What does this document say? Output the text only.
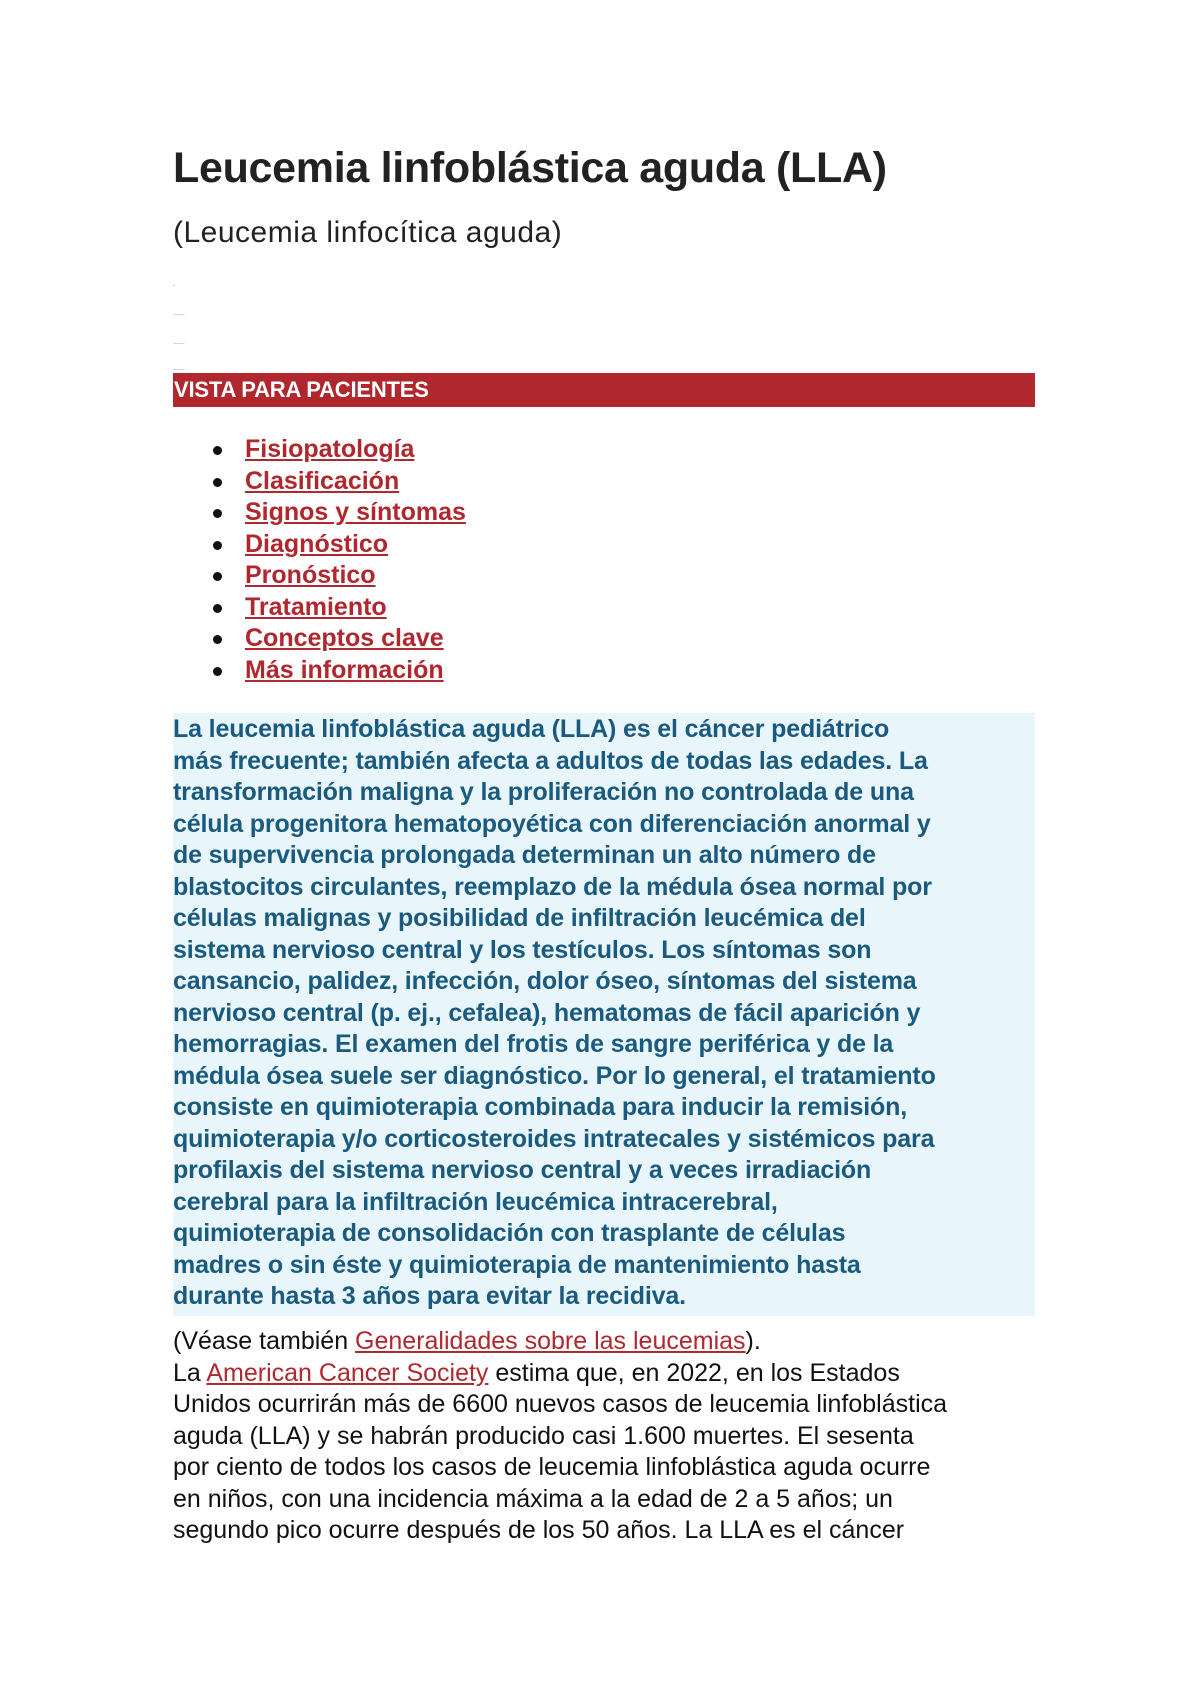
Leucemia linfoblástica aguda (LLA)
(Leucemia linfocítica aguda)
.
……
……
……
VISTA PARA PACIENTES
Fisiopatología
Clasificación
Signos y síntomas
Diagnóstico
Pronóstico
Tratamiento
Conceptos clave
Más información
La leucemia linfoblástica aguda (LLA) es el cáncer pediátrico
más frecuente; también afecta a adultos de todas las edades. La
transformación maligna y la proliferación no controlada de una
célula progenitora hematopoyética con diferenciación anormal y
de supervivencia prolongada determinan un alto número de
blastocitos circulantes, reemplazo de la médula ósea normal por
células malignas y posibilidad de infiltración leucémica del
sistema nervioso central y los testículos. Los síntomas son
cansancio, palidez, infección, dolor óseo, síntomas del sistema
nervioso central (p. ej., cefalea), hematomas de fácil aparición y
hemorragias. El examen del frotis de sangre periférica y de la
médula ósea suele ser diagnóstico. Por lo general, el tratamiento
consiste en quimioterapia combinada para inducir la remisión,
quimioterapia y/o corticosteroides intratecales y sistémicos para
profilaxis del sistema nervioso central y a veces irradiación
cerebral para la infiltración leucémica intracerebral,
quimioterapia de consolidación con trasplante de células
madres o sin éste y quimioterapia de mantenimiento hasta
durante hasta 3 años para evitar la recidiva.
(Véase también Generalidades sobre las leucemias).
La American Cancer Society estima que, en 2022, en los Estados
Unidos ocurrirán más de 6600 nuevos casos de leucemia linfoblástica
aguda (LLA) y se habrán producido casi 1.600 muertes. El sesenta
por ciento de todos los casos de leucemia linfoblástica aguda ocurre
en niños, con una incidencia máxima a la edad de 2 a 5 años; un
segundo pico ocurre después de los 50 años. La LLA es el cáncer
